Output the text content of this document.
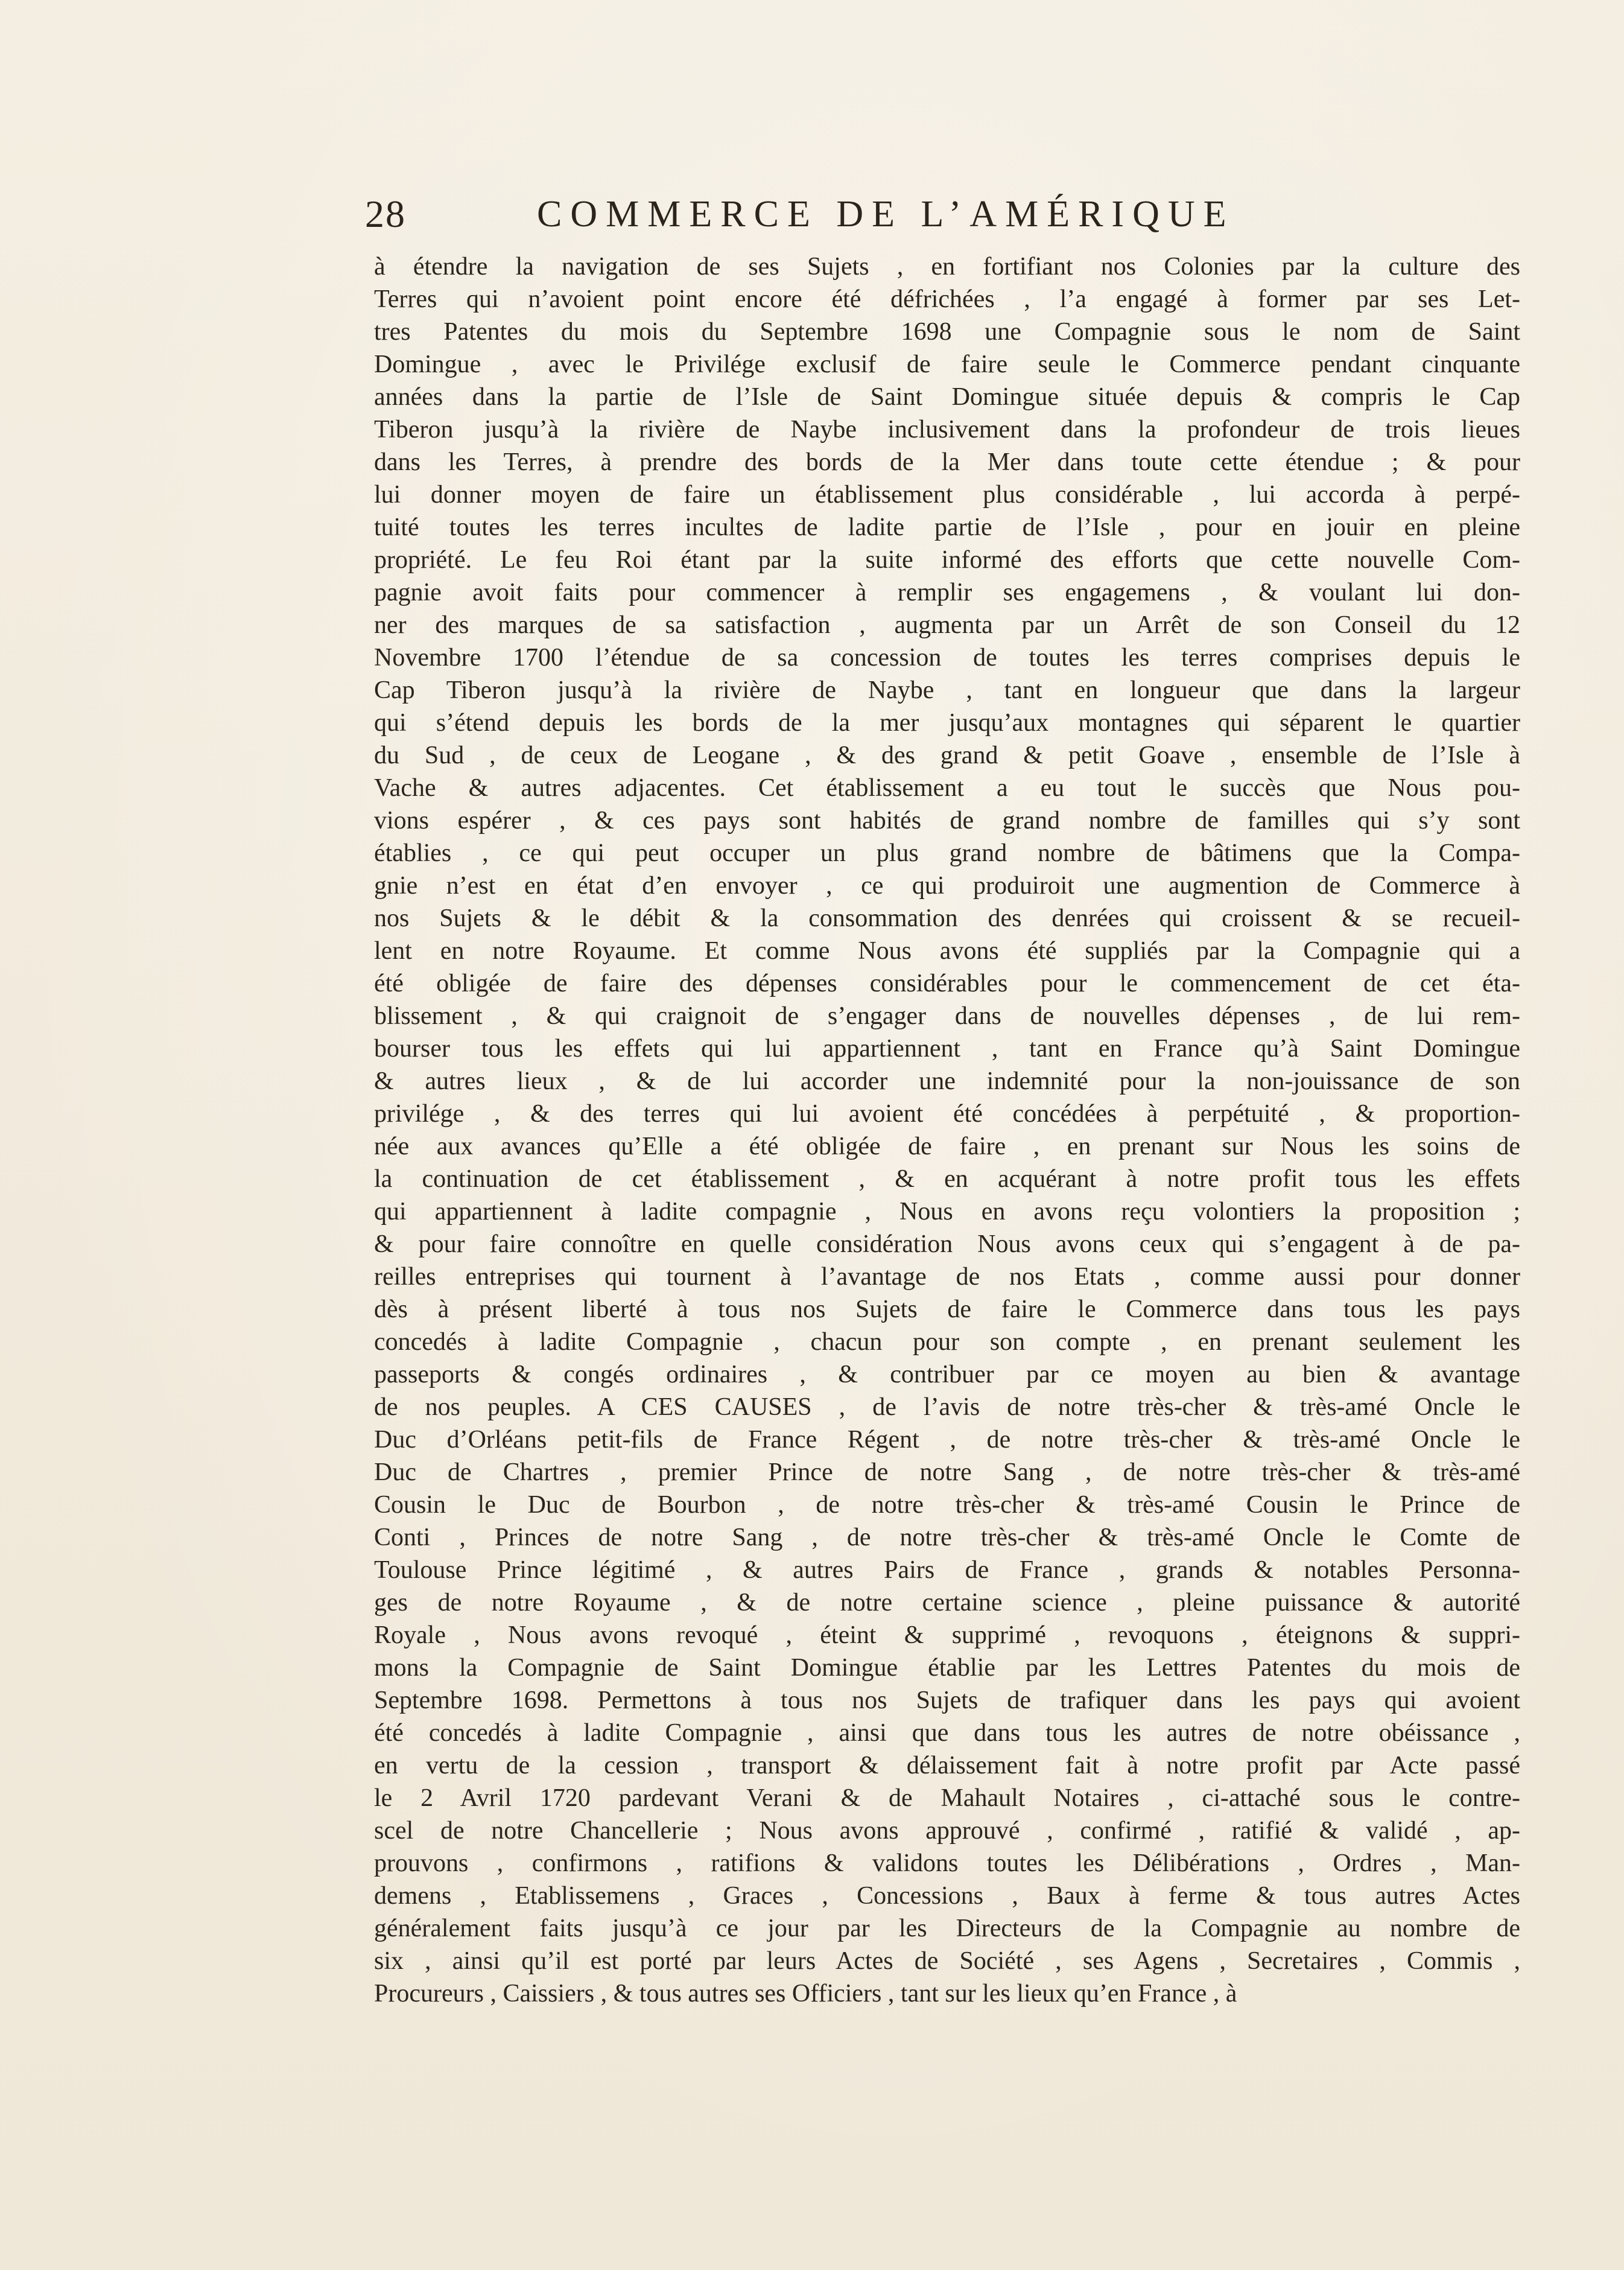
28	COMMERCE DE L’AMÉRIQUE
à étendre la navigation de ses Sujets , en fortifiant nos Colonies par la culture des
Terres qui n’avoient point encore été défrichées , l’a engagé à former par ses Let-
tres Patentes du mois du Septembre 1698 une Compagnie sous le nom de Saint
Domingue , avec le Privilége exclusif de faire seule le Commerce pendant cinquante
années dans la partie de l’Isle de Saint Domingue située depuis & compris le Cap
Tiberon jusqu’à la rivière de Naybe inclusivement dans la profondeur de trois lieues
dans les Terres, à prendre des bords de la Mer dans toute cette étendue ; & pour
lui donner moyen de faire un établissement plus considérable , lui accorda à perpé-
tuité toutes les terres incultes de ladite partie de l’Isle , pour en jouir en pleine
propriété. Le feu Roi étant par la suite informé des efforts que cette nouvelle Com-
pagnie avoit faits pour commencer à remplir ses engagemens , & voulant lui don-
ner des marques de sa satisfaction , augmenta par un Arrêt de son Conseil du 12
Novembre 1700 l’étendue de sa concession de toutes les terres comprises depuis le
Cap Tiberon jusqu’à la rivière de Naybe , tant en longueur que dans la largeur
qui s’étend depuis les bords de la mer jusqu’aux montagnes qui séparent le quartier
du Sud , de ceux de Leogane , & des grand & petit Goave , ensemble de l’Isle à
Vache & autres adjacentes. Cet établissement a eu tout le succès que Nous pou-
vions espérer , & ces pays sont habités de grand nombre de familles qui s’y sont
établies , ce qui peut occuper un plus grand nombre de bâtimens que la Compa-
gnie n’est en état d’en envoyer , ce qui produiroit une augmention de Commerce à
nos Sujets & le débit & la consommation des denrées qui croissent & se recueil-
lent en notre Royaume. Et comme Nous avons été suppliés par la Compagnie qui a
été obligée de faire des dépenses considérables pour le commencement de cet éta-
blissement , & qui craignoit de s’engager dans de nouvelles dépenses , de lui rem-
bourser tous les effets qui lui appartiennent , tant en France qu’à Saint Domingue
& autres lieux , & de lui accorder une indemnité pour la non-jouissance de son
privilége , & des terres qui lui avoient été concédées à perpétuité , & proportion-
née aux avances qu’Elle a été obligée de faire , en prenant sur Nous les soins de
la continuation de cet établissement , & en acquérant à notre profit tous les effets
qui appartiennent à ladite compagnie , Nous en avons reçu volontiers la proposition ;
& pour faire connoître en quelle considération Nous avons ceux qui s’engagent à de pa-
reilles entreprises qui tournent à l’avantage de nos Etats , comme aussi pour donner
dès à présent liberté à tous nos Sujets de faire le Commerce dans tous les pays
concedés à ladite Compagnie , chacun pour son compte , en prenant seulement les
passeports & congés ordinaires , & contribuer par ce moyen au bien & avantage
de nos peuples. A CES CAUSES , de l’avis de notre très-cher & très-amé Oncle le
Duc d’Orléans petit-fils de France Régent , de notre très-cher & très-amé Oncle le
Duc de Chartres , premier Prince de notre Sang , de notre très-cher & très-amé
Cousin le Duc de Bourbon , de notre très-cher & très-amé Cousin le Prince de
Conti , Princes de notre Sang , de notre très-cher & très-amé Oncle le Comte de
Toulouse Prince légitimé , & autres Pairs de France , grands & notables Personna-
ges de notre Royaume , & de notre certaine science , pleine puissance & autorité
Royale , Nous avons revoqué , éteint & supprimé , revoquons , éteignons & suppri-
mons la Compagnie de Saint Domingue établie par les Lettres Patentes du mois de
Septembre 1698. Permettons à tous nos Sujets de trafiquer dans les pays qui avoient
été concedés à ladite Compagnie , ainsi que dans tous les autres de notre obéissance ,
en vertu de la cession , transport & délaissement fait à notre profit par Acte passé
le 2 Avril 1720 pardevant Verani & de Mahault Notaires , ci-attaché sous le contre-
scel de notre Chancellerie ; Nous avons approuvé , confirmé , ratifié & validé , ap-
prouvons , confirmons , ratifions & validons toutes les Délibérations , Ordres , Man-
demens , Etablissemens , Graces , Concessions , Baux à ferme & tous autres Actes
généralement faits jusqu’à ce jour par les Directeurs de la Compagnie au nombre de
six , ainsi qu’il est porté par leurs Actes de Société , ses Agens , Secretaires , Commis ,
Procureurs , Caissiers , & tous autres ses Officiers , tant sur les lieux qu’en France , à
